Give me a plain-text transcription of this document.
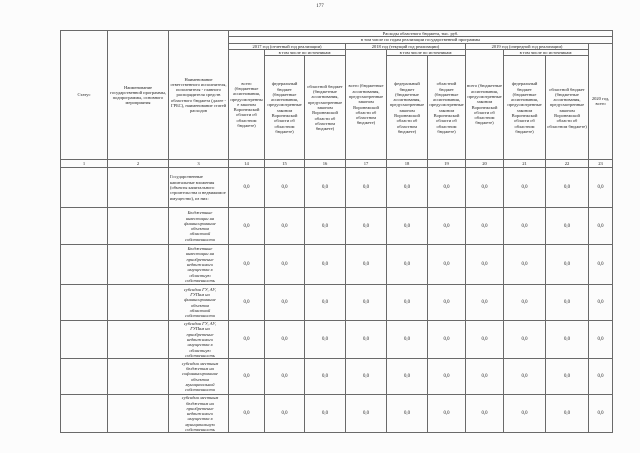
177
Статус	Наименование государственной программы, подпрограммы, основного мероприятия	Наименование ответственного исполнителя, исполнителя - главного распорядителя средств областного бюджета (далее - ГРБС), наименование статей расходов	Расходы областного бюджета, тыс. руб.									
			в том числе по годам реализации государственной программы									
			2017 год (отчетный год реализации)			2018 год (текущий год реализации)			2019 год (очередной год реализации)			2020 год, всего
			всего (бюджетные ассигнования, предусмотренные законом Воронежской области об областном бюджете)	в том числе по источникам:		всего (бюджетные ассигнования, предусмотренные законом Воронежской области об областном бюджете)	в том числе по источникам:		всего (бюджетные ассигнования, предусмотренные законом Воронежской области об областном бюджете)	в том числе по источникам:		
				федеральный бюджет (бюджетные ассигнования, предусмотренные законом Воронежской области об областном бюджете)	областной бюджет (бюджетные ассигнования, предусмотренные законом Воронежской области об областном бюджете)		федеральный бюджет (бюджетные ассигнования, предусмотренные законом Воронежской области об областном бюджете)	областной бюджет (бюджетные ассигнования, предусмотренные законом Воронежской области об областном бюджете)		федеральный бюджет (бюджетные ассигнования, предусмотренные законом Воронежской области об областном бюджете)	областной бюджет (бюджетные ассигнования, предусмотренные законом Воронежской области об областном бюджете)	
1	2	3	14	15	16	17	18	19	20	21	22	23
		Государственные капитальные вложения (объекты капитального строительства и недвижимое имущество), из них:	0,0	0,0	0,0	0,0	0,0	0,0	0,0	0,0	0,0	0,0
		Бюджетные инвестиции на финансирование объектов областной собственности	0,0	0,0	0,0	0,0	0,0	0,0	0,0	0,0	0,0	0,0
		Бюджетные инвестиции на приобретение недвижимого имущества в областную собственность	0,0	0,0	0,0	0,0	0,0	0,0	0,0	0,0	0,0	0,0
		субсидии ГУ, АУ, ГУПам на финансирование объектов областной собственности	0,0	0,0	0,0	0,0	0,0	0,0	0,0	0,0	0,0	0,0
		субсидии ГУ, АУ, ГУПам на приобретение недвижимого имущества в областную собственность	0,0	0,0	0,0	0,0	0,0	0,0	0,0	0,0	0,0	0,0
		субсидии местным бюджетам на софинансирование объектов муниципальной собственности	0,0	0,0	0,0	0,0	0,0	0,0	0,0	0,0	0,0	0,0
		субсидии местным бюджетам на приобретение недвижимого имущества в муниципальную собственность	0,0	0,0	0,0	0,0	0,0	0,0	0,0	0,0	0,0	0,0
